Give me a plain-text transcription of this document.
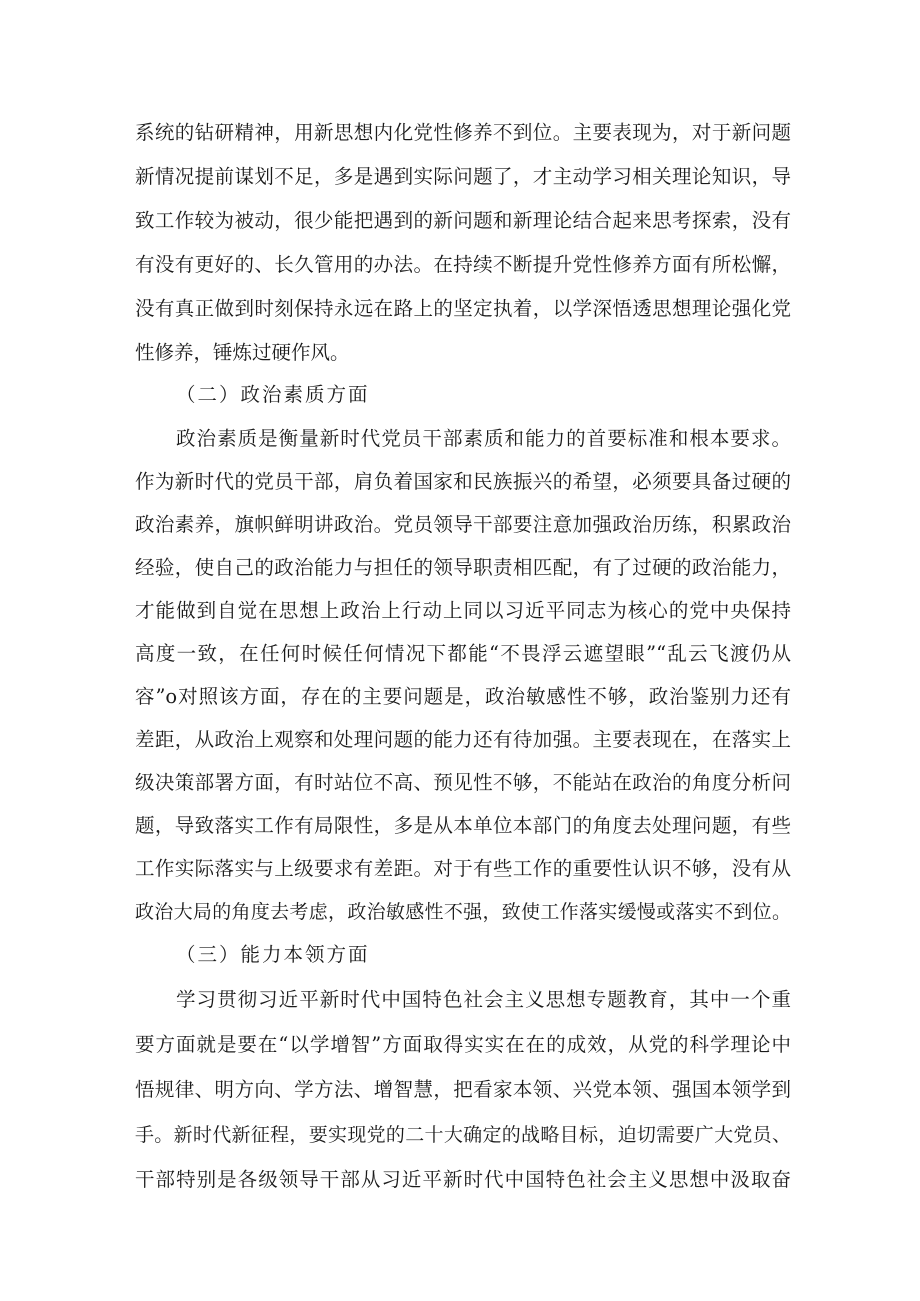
系统的钻研精神，用新思想内化党性修养不到位。主要表现为，对于新问题
新情况提前谋划不足，多是遇到实际问题了，才主动学习相关理论知识，导
致工作较为被动，很少能把遇到的新问题和新理论结合起来思考探索，没有
有没有更好的、长久管用的办法。在持续不断提升党性修养方面有所松懈，
没有真正做到时刻保持永远在路上的坚定执着，以学深悟透思想理论强化党
性修养，锤炼过硬作风。
（二）政治素质方面
政治素质是衡量新时代党员干部素质和能力的首要标准和根本要求。
作为新时代的党员干部，肩负着国家和民族振兴的希望，必须要具备过硬的
政治素养，旗帜鲜明讲政治。党员领导干部要注意加强政治历练，积累政治
经验，使自己的政治能力与担任的领导职责相匹配，有了过硬的政治能力，
才能做到自觉在思想上政治上行动上同以习近平同志为核心的党中央保持
高度一致，在任何时候任何情况下都能“不畏浮云遮望眼”“乱云飞渡仍从
容”o对照该方面，存在的主要问题是，政治敏感性不够，政治鉴别力还有
差距，从政治上观察和处理问题的能力还有待加强。主要表现在，在落实上
级决策部署方面，有时站位不高、预见性不够，不能站在政治的角度分析问
题，导致落实工作有局限性，多是从本单位本部门的角度去处理问题，有些
工作实际落实与上级要求有差距。对于有些工作的重要性认识不够，没有从
政治大局的角度去考虑，政治敏感性不强，致使工作落实缓慢或落实不到位。
（三）能力本领方面
学习贯彻习近平新时代中国特色社会主义思想专题教育，其中一个重
要方面就是要在“以学增智”方面取得实实在在的成效，从党的科学理论中
悟规律、明方向、学方法、增智慧，把看家本领、兴党本领、强国本领学到
手。新时代新征程，要实现党的二十大确定的战略目标，迫切需要广大党员、
干部特别是各级领导干部从习近平新时代中国特色社会主义思想中汲取奋
